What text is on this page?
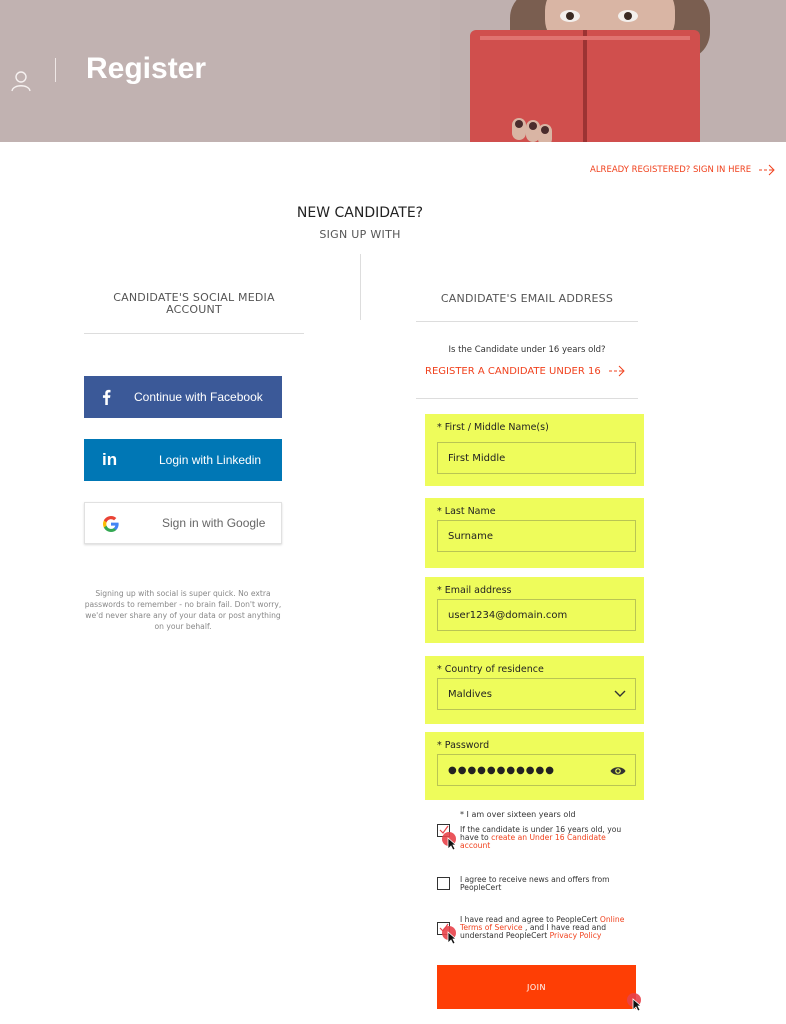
Register
ALREADY REGISTERED? SIGN IN HERE
NEW CANDIDATE?
SIGN UP WITH
CANDIDATE'S SOCIAL MEDIA
ACCOUNT
Continue with Facebook
in	Login with Linkedin
Sign in with Google
Signing up with social is super quick. No extra passwords to remember - no brain fail. Don't worry, we'd never share any of your data or post anything on your behalf.
CANDIDATE'S EMAIL ADDRESS
Is the Candidate under 16 years old?
REGISTER A CANDIDATE UNDER 16
* First / Middle Name(s)
First Middle
* Last Name
Surname
* Email address
user1234@domain.com
* Country of residence
Maldives
* Password
●●●●●●●●●●●
* I am over sixteen years old
If the candidate is under 16 years old, you have to create an Under 16 Candidate account
I agree to receive news and offers from PeopleCert
I have read and agree to PeopleCert Online Terms of Service , and I have read and understand PeopleCert Privacy Policy
JOIN
